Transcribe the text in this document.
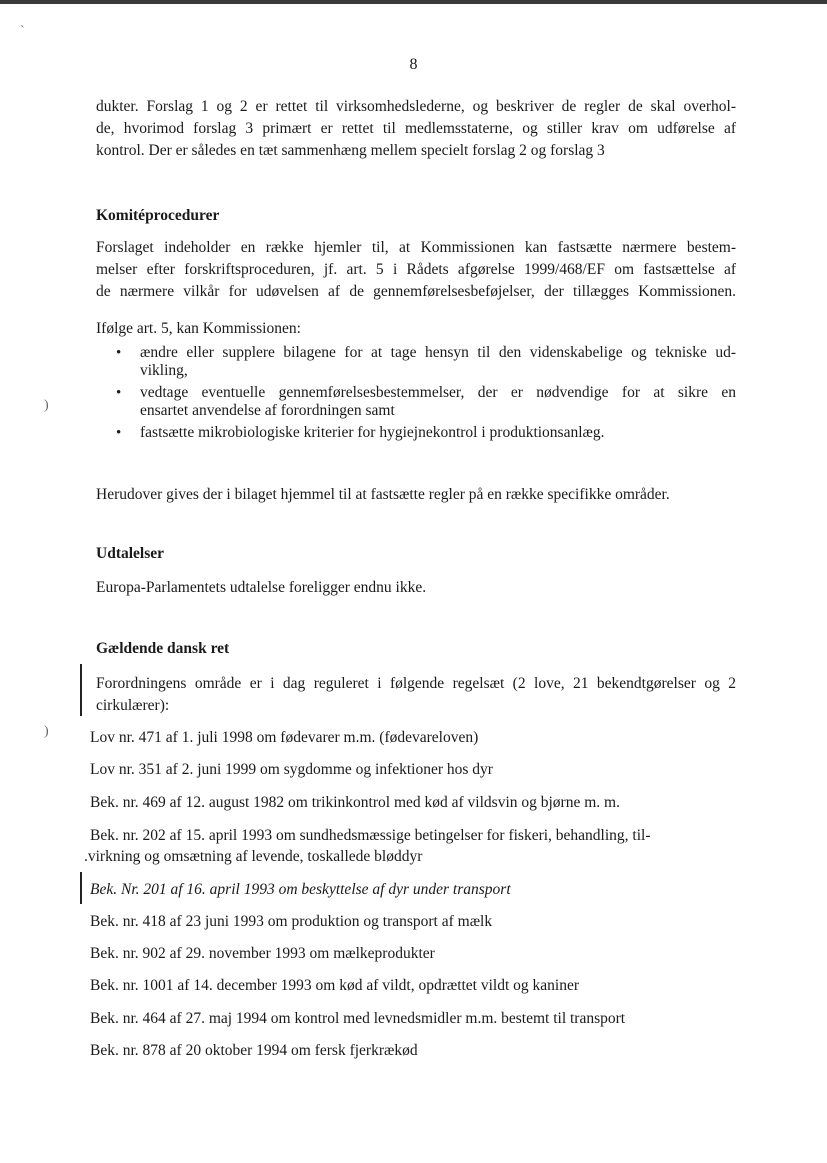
`
)
)
8
dukter. Forslag 1 og 2 er rettet til virksomhedslederne, og beskriver de regler de skal overhol-
de, hvorimod forslag 3 primært er rettet til medlemsstaterne, og stiller krav om udførelse af
kontrol. Der er således en tæt sammenhæng mellem specielt forslag 2 og forslag 3
Komitéprocedurer
Forslaget indeholder en række hjemler til, at Kommissionen kan fastsætte nærmere bestem-
melser efter forskriftsproceduren, jf. art. 5 i Rådets afgørelse 1999/468/EF om fastsættelse af
de nærmere vilkår for udøvelsen af de gennemførelsesbeføjelser, der tillægges Kommissionen.
Ifølge art. 5, kan Kommissionen:
• ændre eller supplere bilagene for at tage hensyn til den videnskabelige og tekniske ud-
vikling,
• vedtage eventuelle gennemførelsesbestemmelser, der er nødvendige for at sikre en
ensartet anvendelse af forordningen samt
• fastsætte mikrobiologiske kriterier for hygiejnekontrol i produktionsanlæg.
Herudover gives der i bilaget hjemmel til at fastsætte regler på en række specifikke områder.
Udtalelser
Europa-Parlamentets udtalelse foreligger endnu ikke.
Gældende dansk ret
Forordningens område er i dag reguleret i følgende regelsæt (2 love, 21 bekendtgørelser og 2
cirkulærer):
Lov nr. 471 af 1. juli 1998 om fødevarer m.m. (fødevareloven)
Lov nr. 351 af 2. juni 1999 om sygdomme og infektioner hos dyr
Bek. nr. 469 af 12. august 1982 om trikinkontrol med kød af vildsvin og bjørne m. m.
Bek. nr. 202 af 15. april 1993 om sundhedsmæssige betingelser for fiskeri, behandling, til-
.virkning og omsætning af levende, toskallede bløddyr
Bek. Nr. 201 af 16. april 1993 om beskyttelse af dyr under transport
Bek. nr. 418 af 23 juni 1993 om produktion og transport af mælk
Bek. nr. 902 af 29. november 1993 om mælkeprodukter
Bek. nr. 1001 af 14. december 1993 om kød af vildt, opdrættet vildt og kaniner
Bek. nr. 464 af 27. maj 1994 om kontrol med levnedsmidler m.m. bestemt til transport
Bek. nr. 878 af 20 oktober 1994 om fersk fjerkrækød
